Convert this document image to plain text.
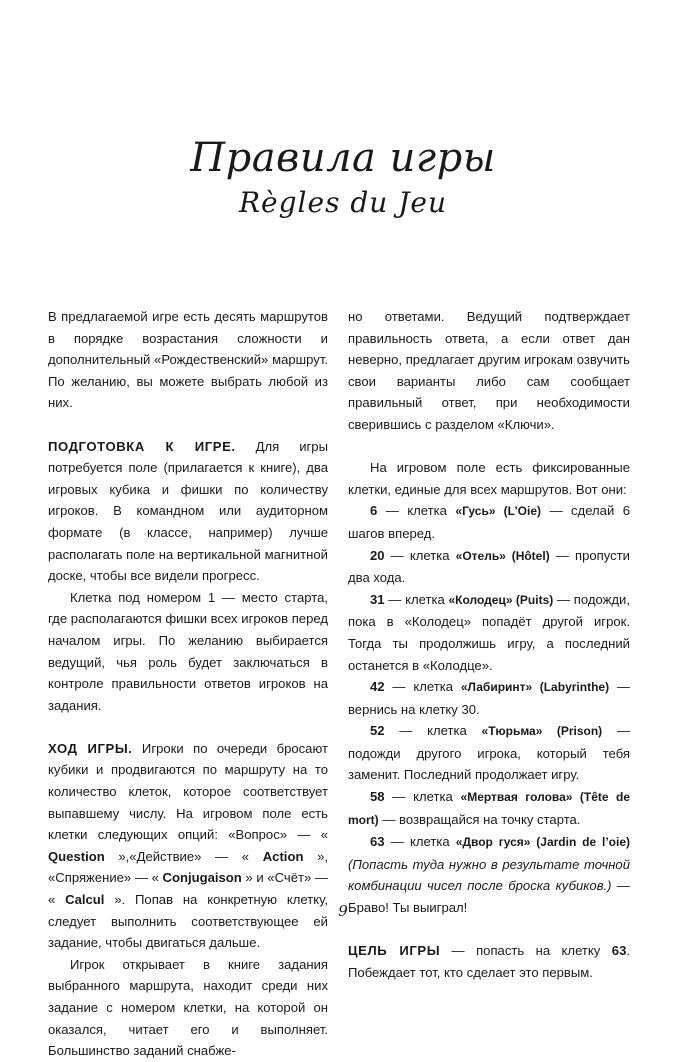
Правила игры
Règles du Jeu

В предлагаемой игре есть десять маршрутов в порядке возрастания сложности и дополнительный «Рождественский» маршрут. По желанию, вы можете выбрать любой из них.

ПОДГОТОВКА К ИГРЕ. Для игры потребуется поле (прилагается к книге), два игровых кубика и фишки по количеству игроков. В командном или аудиторном формате (в классе, например) лучше располагать поле на вертикальной магнитной доске, чтобы все видели прогресс.

Клетка под номером 1 — место старта, где располагаются фишки всех игроков перед началом игры. По желанию выбирается ведущий, чья роль будет заключаться в контроле правильности ответов игроков на задания.

ХОД ИГРЫ. Игроки по очереди бросают кубики и продвигаются по маршруту на то количество клеток, которое соответствует выпавшему числу. На игровом поле есть клетки следующих опций: «Вопрос» — « Question »,«Действие» — « Action », «Спряжение» — « Conjugaison » и «Счёт» — « Calcul ». Попав на конкретную клетку, следует выполнить соответствующее ей задание, чтобы двигаться дальше.

Игрок открывает в книге задания выбранного маршрута, находит среди них задание с номером клетки, на которой он оказался, читает его и выполняет. Большинство заданий снабже-

но ответами. Ведущий подтверждает правильность ответа, а если ответ дан неверно, предлагает другим игрокам озвучить свои варианты либо сам сообщает правильный ответ, при необходимости сверившись с разделом «Ключи».

На игровом поле есть фиксированные клетки, единые для всех маршрутов. Вот они:

6 — клетка «Гусь» (L’Oie) — сделай 6 шагов вперед.

20 — клетка «Отель» (Hôtel) — пропусти два хода.

31 — клетка «Колодец» (Puits) — подожди, пока в «Колодец» попадёт другой игрок. Тогда ты продолжишь игру, а последний останется в «Колодце».

42 — клетка «Лабиринт» (Labyrinthe) — вернись на клетку 30.

52 — клетка «Тюрьма» (Prison) — подожди другого игрока, который тебя заменит. Последний продолжает игру.

58 — клетка «Мертвая голова» (Tête de mort) — возвращайся на точку старта.

63 — клетка «Двор гуся» (Jardin de l’oie) (Попасть туда нужно в результате точной комбинации чисел после броска кубиков.) — Браво! Ты выиграл!

ЦЕЛЬ ИГРЫ — попасть на клетку 63. Побеждает тот, кто сделает это первым.

9
